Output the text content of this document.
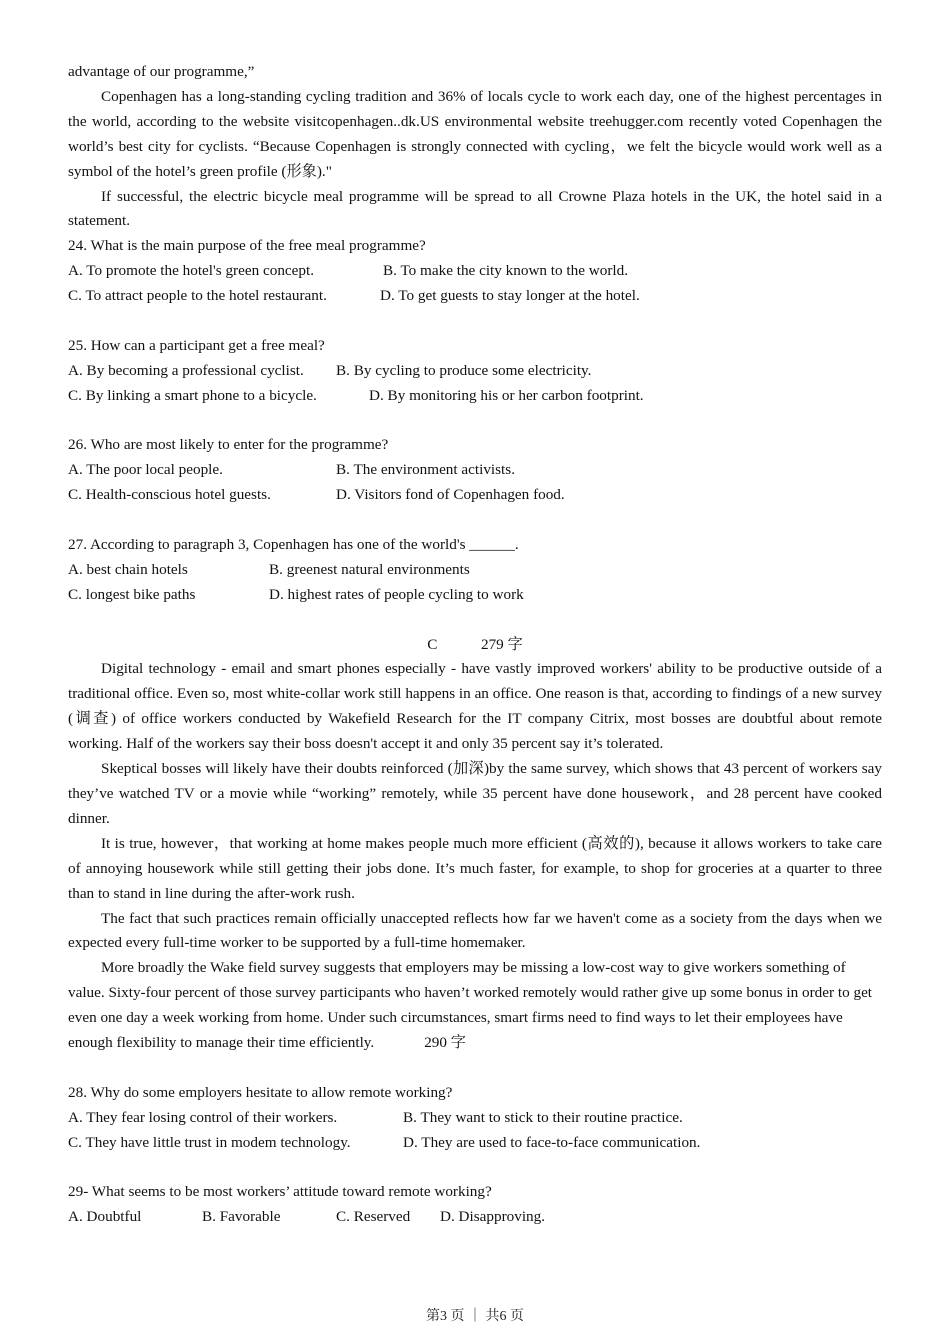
advantage of our programme,”

Copenhagen has a long-standing cycling tradition and 36% of locals cycle to work each day, one of the highest percentages in the world, according to the website visitcopenhagen..dk.US environmental website treehugger.com recently voted Copenhagen the world’s best city for cyclists. “Because Copenhagen is strongly connected with cycling，we felt the bicycle would work well as a symbol of the hotel’s green profile (形象)."

If successful, the electric bicycle meal programme will be spread to all Crowne Plaza hotels in the UK, the hotel said in a statement.

24. What is the main purpose of the free meal programme?
A. To promote the hotel's green concept.	B. To make the city known to the world.
C. To attract people to the hotel restaurant.	D. To get guests to stay longer at the hotel.
25. How can a participant get a free meal?
A. By becoming a professional cyclist.	B. By cycling to produce some electricity.
C. By linking a smart phone to a bicycle.	D. By monitoring his or her carbon footprint.
26. Who are most likely to enter for the programme?
A. The poor local people.	B. The environment activists.
C. Health-conscious hotel guests.	D. Visitors fond of Copenhagen food.
27. According to paragraph 3, Copenhagen has one of the world's ______.
A. best chain hotels	B. greenest natural environments
C. longest bike paths	D. highest rates of people cycling to work
C	279 字

Digital technology - email and smart phones especially - have vastly improved workers' ability to be productive outside of a traditional office. Even so, most white-collar work still happens in an office. One reason is that, according to findings of a new survey (调查) of office workers conducted by Wakefield Research for the IT company Citrix, most bosses are doubtful about remote working. Half of the workers say their boss doesn't accept it and only 35 percent say it’s tolerated.

Skeptical bosses will likely have their doubts reinforced (加深)by the same survey, which shows that 43 percent of workers say they’ve watched TV or a movie while “working” remotely, while 35 percent have done housework，and 28 percent have cooked dinner.

It is true, however，that working at home makes people much more efficient (高效的), because it allows workers to take care of annoying housework while still getting their jobs done. It’s much faster, for example, to shop for groceries at a quarter to three than to stand in line during the after-work rush.

The fact that such practices remain officially unaccepted reflects how far we haven't come as a society from the days when we expected every full-time worker to be supported by a full-time homemaker.

More broadly the Wake field survey suggests that employers may be missing a low-cost way to give workers something of value. Sixty-four percent of those survey participants who haven’t worked remotely would rather give up some bonus in order to get even one day a week working from home. Under such circumstances, smart firms need to find ways to let their employees have enough flexibility to manage their time efficiently.	290 字

28. Why do some employers hesitate to allow remote working?
A. They fear losing control of their workers.	B. They want to stick to their routine practice.
C. They have little trust in modem technology.	D. They are used to face-to-face communication.
29- What seems to be most workers’ attitude toward remote working?
A. Doubtful	B. Favorable	C. Reserved	D. Disapproving.
第3 页 ｜ 共6 页
